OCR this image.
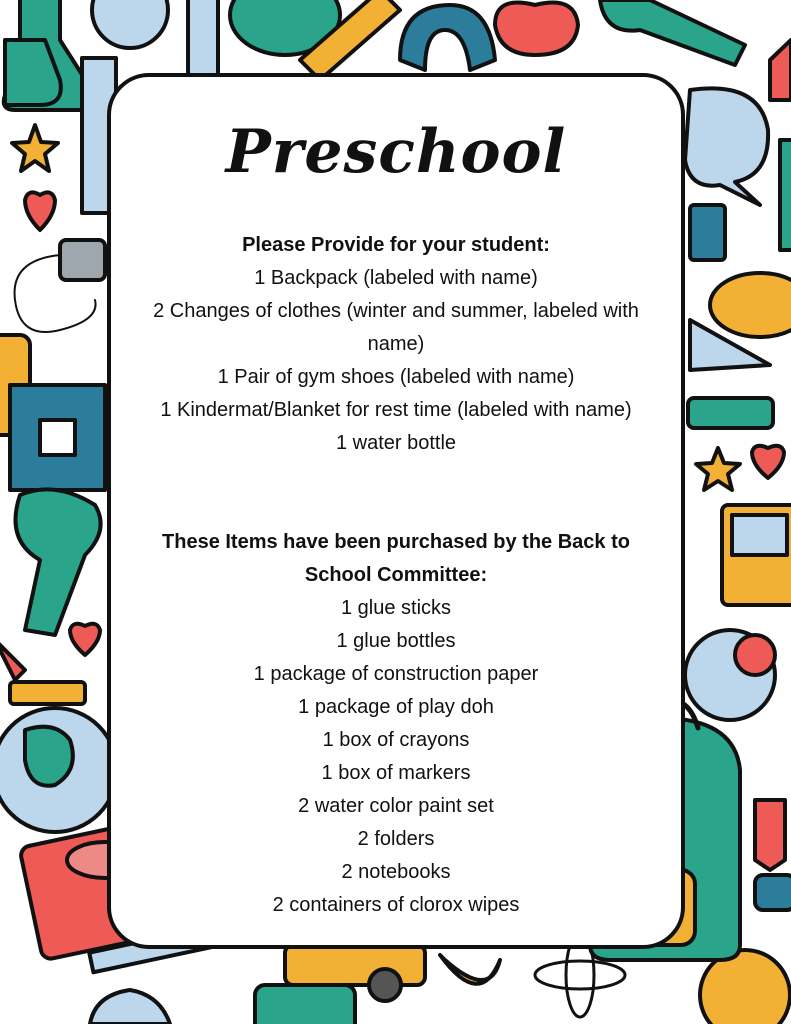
Preschool
Please Provide for your student:
1 Backpack (labeled with name)
2 Changes of clothes (winter and summer, labeled with name)
1 Pair of gym shoes (labeled with name)
1 Kindermat/Blanket for rest time (labeled with name)
1 water bottle
These Items have been purchased by the Back to School Committee:
1 glue sticks
1 glue bottles
1 package of construction paper
1 package of play doh
1 box of crayons
1 box of markers
2 water color paint set
2 folders
2 notebooks
2 containers of clorox wipes
